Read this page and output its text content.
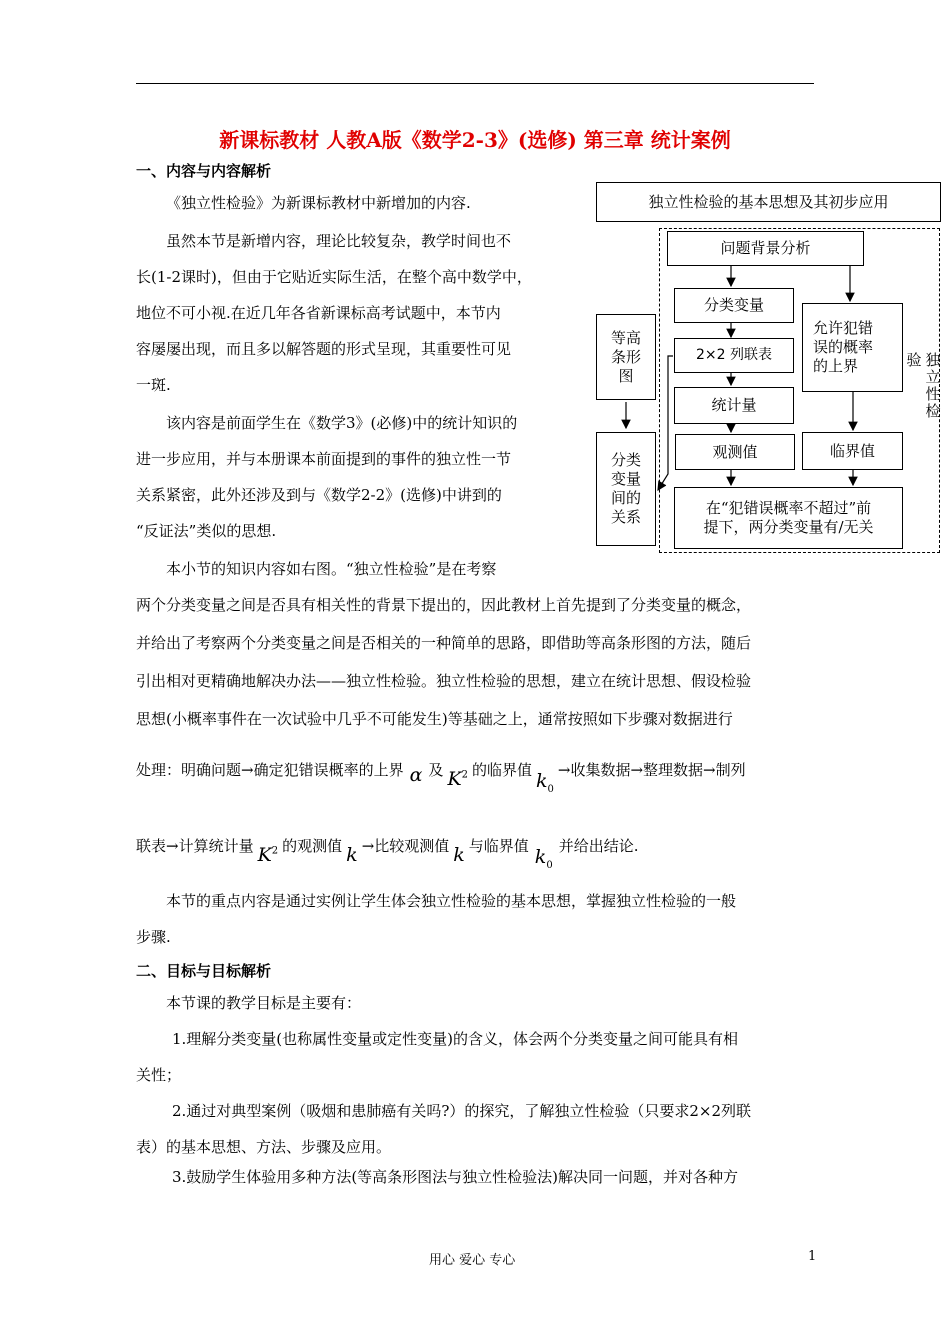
新课标教材 人教A版《数学2-3》(选修) 第三章 统计案例
一、内容与内容解析
《独立性检验》为新课标教材中新增加的内容.
虽然本节是新增内容，理论比较复杂，教学时间也不
长(1-2课时)，但由于它贴近实际生活，在整个高中数学中，
地位不可小视.在近几年各省新课标高考试题中，本节内
容屡屡出现，而且多以解答题的形式呈现，其重要性可见
一斑.
该内容是前面学生在《数学3》(必修)中的统计知识的
进一步应用，并与本册课本前面提到的事件的独立性一节
关系紧密，此外还涉及到与《数学2-2》(选修)中讲到的
“反证法”类似的思想.
本小节的知识内容如右图。“独立性检验”是在考察
两个分类变量之间是否具有相关性的背景下提出的，因此教材上首先提到了分类变量的概念，
并给出了考察两个分类变量之间是否相关的一种简单的思路，即借助等高条形图的方法，随后
引出相对更精确地解决办法——独立性检验。独立性检验的思想，建立在统计思想、假设检验
思想(小概率事件在一次试验中几乎不可能发生)等基础之上，通常按照如下步骤对数据进行
处理：明确问题→确定犯错误概率的上界 α 及 $K^2$ 的临界值 $k_0\to$收集数据→整理数据→制列
联表→计算统计量 $K^2$ 的观测值 k →比较观测值 k 与临界值 $k_0$并给出结论.
本节的重点内容是通过实例让学生体会独立性检验的基本思想，掌握独立性检验的一般
步骤.
二、目标与目标解析
本节课的教学目标是主要有：
1.理解分类变量(也称属性变量或定性变量)的含义，体会两个分类变量之间可能具有相
关性；
2.通过对典型案例（吸烟和患肺癌有关吗?）的探究，了解独立性检验（只要求2×2列联
表）的基本思想、方法、步骤及应用。
3.鼓励学生体验用多种方法(等高条形图法与独立性检验法)解决同一问题，并对各种方
独立性检验的基本思想及其初步应用
问题背景分析
分类变量
2×2 列联表
统计量
观测值
允许犯错
误的概率
的上界
临界值
等 高
条 形
图
分类
变量
间的
关系	在“犯错误概率不超过”前
提下，两分类变量有/无关
验 独
立
性
检
用心 爱心 专心	1
